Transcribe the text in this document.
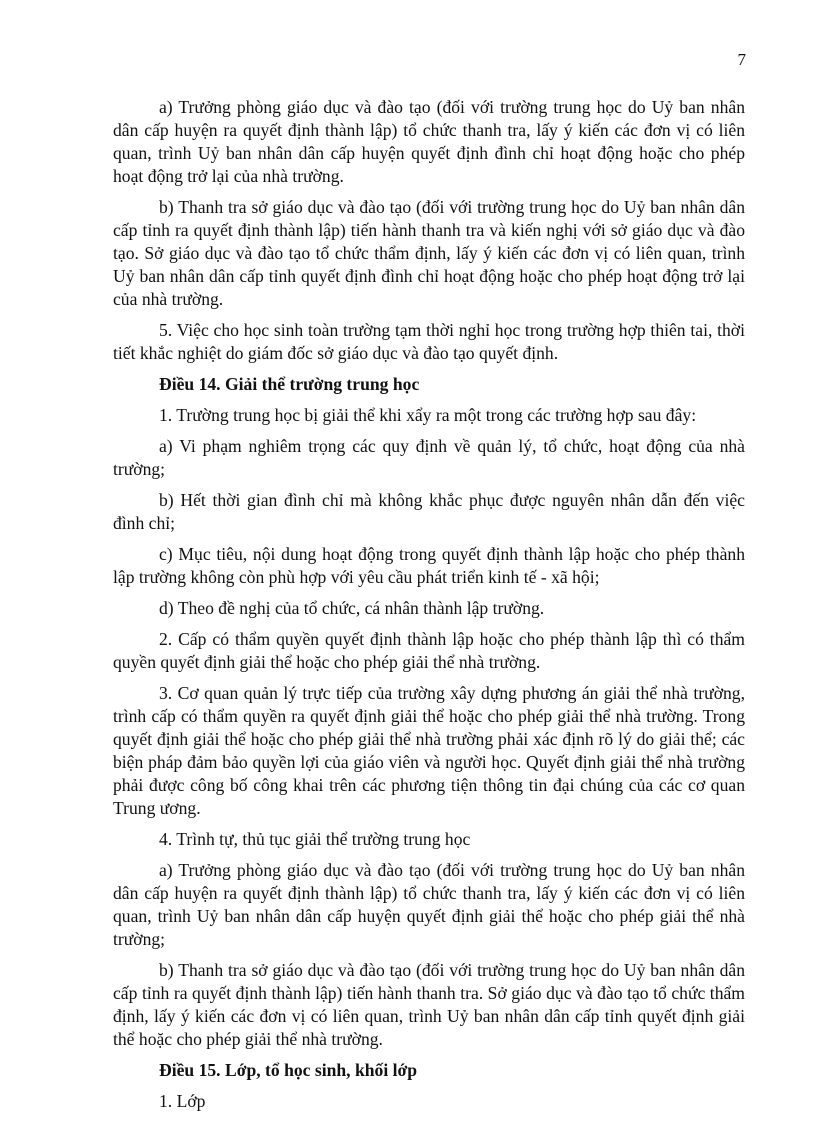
7

a) Trưởng phòng giáo dục và đào tạo (đối với trường trung học do Uỷ ban nhân dân cấp huyện ra quyết định thành lập) tổ chức thanh tra, lấy ý kiến các đơn vị có liên quan, trình Uỷ ban nhân dân cấp huyện quyết định đình chỉ hoạt động hoặc cho phép hoạt động trở lại của nhà trường.

b) Thanh tra sở giáo dục và đào tạo (đối với trường trung học do Uỷ ban nhân dân cấp tỉnh ra quyết định thành lập) tiến hành thanh tra và kiến nghị với sở giáo dục và đào tạo. Sở giáo dục và đào tạo tổ chức thẩm định, lấy ý kiến các đơn vị có liên quan, trình Uỷ ban nhân dân cấp tỉnh quyết định đình chỉ hoạt động hoặc cho phép hoạt động trở lại của nhà trường.

5. Việc cho học sinh toàn trường tạm thời nghỉ học trong trường hợp thiên tai, thời tiết khắc nghiệt do giám đốc sở giáo dục và đào tạo quyết định.

Điều 14. Giải thể trường trung học

1. Trường trung học bị giải thể khi xẩy ra một trong các trường hợp sau đây:

a) Vi phạm nghiêm trọng các quy định về quản lý, tổ chức, hoạt động của nhà trường;

b) Hết thời gian đình chỉ mà không khắc phục được nguyên nhân dẫn đến việc đình chỉ;

c) Mục tiêu, nội dung hoạt động trong quyết định thành lập hoặc cho phép thành lập trường không còn phù hợp với yêu cầu phát triển kinh tế - xã hội;

d) Theo đề nghị của tổ chức, cá nhân thành lập trường.

2. Cấp có thẩm quyền quyết định thành lập hoặc cho phép thành lập thì có thẩm quyền quyết định giải thể hoặc cho phép giải thể nhà trường.

3. Cơ quan quản lý trực tiếp của trường xây dựng phương án giải thể nhà trường, trình cấp có thẩm quyền ra quyết định giải thể hoặc cho phép giải thể nhà trường. Trong quyết định giải thể hoặc cho phép giải thể nhà trường phải xác định rõ lý do giải thể; các biện pháp đảm bảo quyền lợi của giáo viên và người học. Quyết định giải thể nhà trường phải được công bố công khai trên các phương tiện thông tin đại chúng của các cơ quan Trung ương.

4. Trình tự, thủ tục giải thể trường trung học

a) Trưởng phòng giáo dục và đào tạo (đối với trường trung học do Uỷ ban nhân dân cấp huyện ra quyết định thành lập) tổ chức thanh tra, lấy ý kiến các đơn vị có liên quan, trình Uỷ ban nhân dân cấp huyện quyết định giải thể hoặc cho phép giải thể nhà trường;

b) Thanh tra sở giáo dục và đào tạo (đối với trường trung học do Uỷ ban nhân dân cấp tỉnh ra quyết định thành lập) tiến hành thanh tra. Sở giáo dục và đào tạo tổ chức thẩm định, lấy ý kiến các đơn vị có liên quan, trình Uỷ ban nhân dân cấp tỉnh quyết định giải thể hoặc cho phép giải thể nhà trường.

Điều 15. Lớp, tổ học sinh, khối lớp

1. Lớp
